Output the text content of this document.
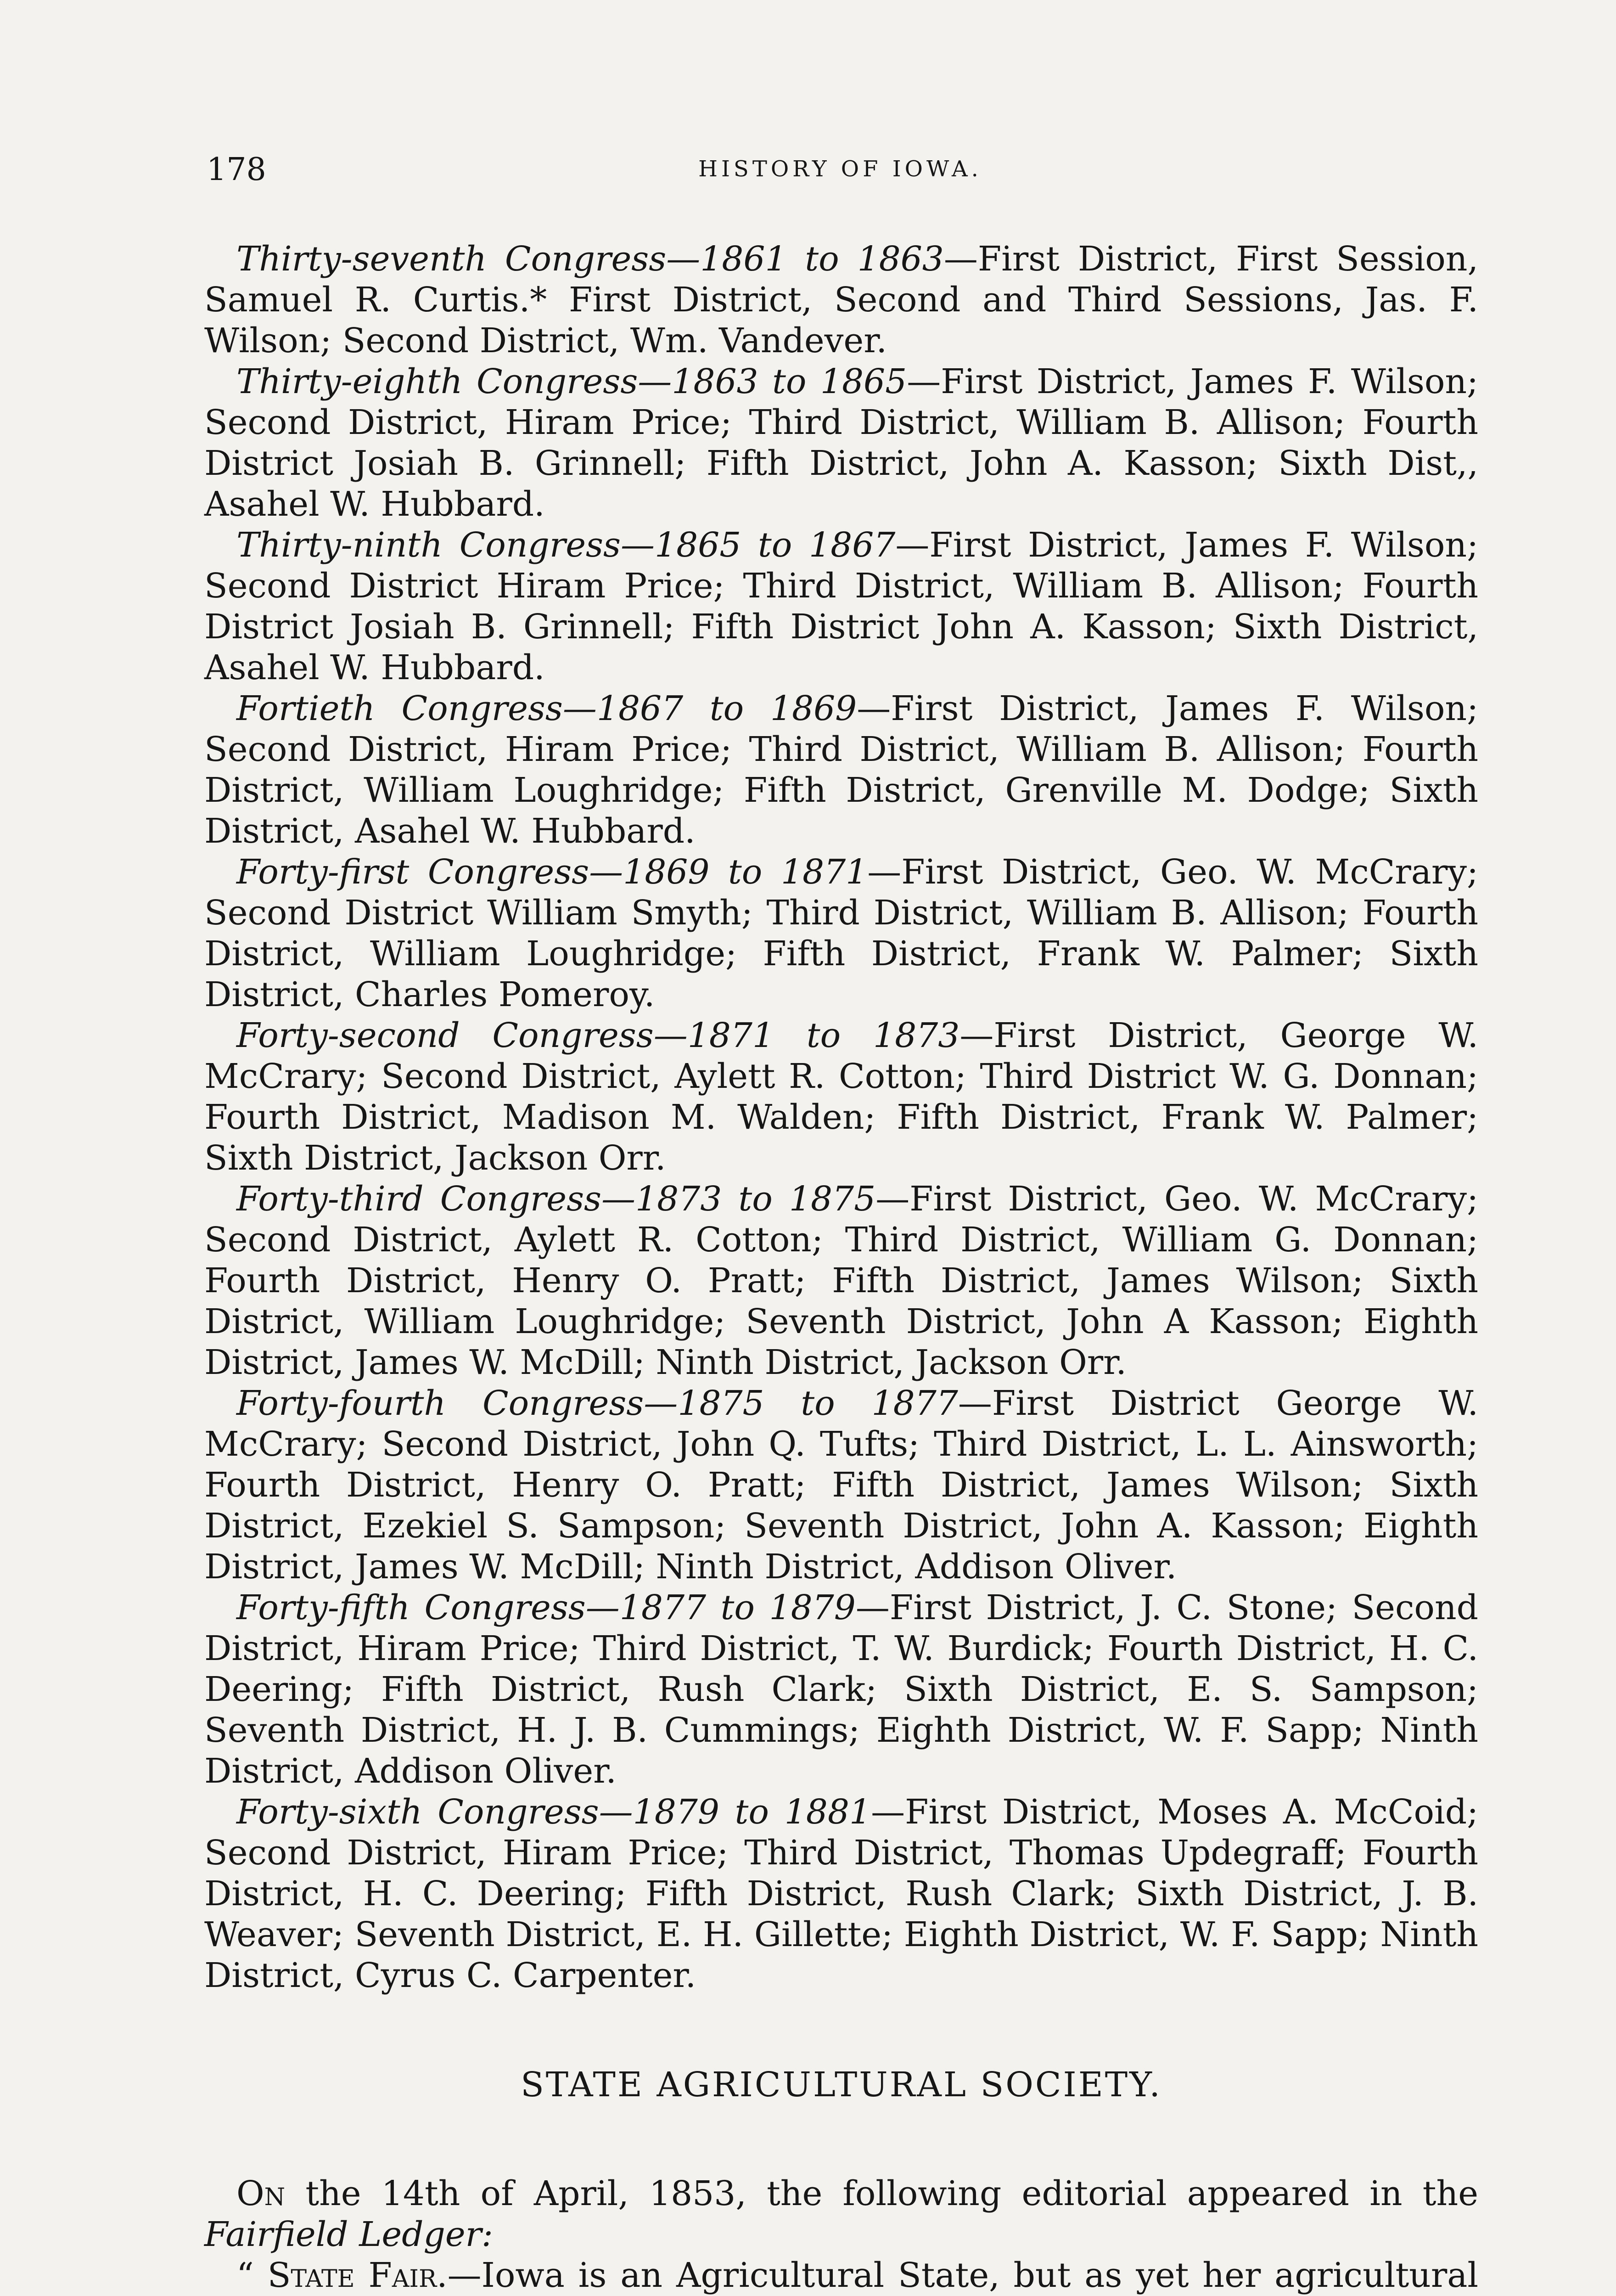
178	HISTORY OF IOWA.

Thirty-seventh Congress—1861 to 1863—First District, First Session, Samuel R. Curtis.* First District, Second and Third Sessions, Jas. F. Wilson; Second District, Wm. Vandever.

Thirty-eighth Congress—1863 to 1865—First District, James F. Wilson; Second District, Hiram Price; Third District, William B. Allison; Fourth District Josiah B. Grinnell; Fifth District, John A. Kasson; Sixth Dist,, Asahel W. Hubbard.

Thirty-ninth Congress—1865 to 1867—First District, James F. Wilson; Second District Hiram Price; Third District, William B. Allison; Fourth District Josiah B. Grinnell; Fifth District John A. Kasson; Sixth District, Asahel W. Hubbard.

Fortieth Congress—1867 to 1869—First District, James F. Wilson; Second District, Hiram Price; Third District, William B. Allison; Fourth District, William Loughridge; Fifth District, Grenville M. Dodge; Sixth District, Asahel W. Hubbard.

Forty-first Congress—1869 to 1871—First District, Geo. W. McCrary; Second District William Smyth; Third District, William B. Allison; Fourth District, William Loughridge; Fifth District, Frank W. Palmer; Sixth District, Charles Pomeroy.

Forty-second Congress—1871 to 1873—First District, George W. McCrary; Second District, Aylett R. Cotton; Third District W. G. Donnan; Fourth District, Madison M. Walden; Fifth District, Frank W. Palmer; Sixth District, Jackson Orr.

Forty-third Congress—1873 to 1875—First District, Geo. W. McCrary; Second District, Aylett R. Cotton; Third District, William G. Donnan; Fourth District, Henry O. Pratt; Fifth District, James Wilson; Sixth District, William Loughridge; Seventh District, John A Kasson; Eighth District, James W. McDill; Ninth District, Jackson Orr.

Forty-fourth Congress—1875 to 1877—First District George W. McCrary; Second District, John Q. Tufts; Third District, L. L. Ainsworth; Fourth District, Henry O. Pratt; Fifth District, James Wilson; Sixth District, Ezekiel S. Sampson; Seventh District, John A. Kasson; Eighth District, James W. McDill; Ninth District, Addison Oliver.

Forty-fifth Congress—1877 to 1879—First District, J. C. Stone; Second District, Hiram Price; Third District, T. W. Burdick; Fourth District, H. C. Deering; Fifth District, Rush Clark; Sixth District, E. S. Sampson; Seventh District, H. J. B. Cummings; Eighth District, W. F. Sapp; Ninth District, Addison Oliver.

Forty-sixth Congress—1879 to 1881—First District, Moses A. McCoid; Second District, Hiram Price; Third District, Thomas Updegraff; Fourth District, H. C. Deering; Fifth District, Rush Clark; Sixth District, J. B. Weaver; Seventh District, E. H. Gillette; Eighth District, W. F. Sapp; Ninth District, Cyrus C. Carpenter.

STATE AGRICULTURAL SOCIETY.

On the 14th of April, 1853, the following editorial appeared in the Fairfield Ledger:

“ State Fair.—Iowa is an Agricultural State, but as yet her agricultural
